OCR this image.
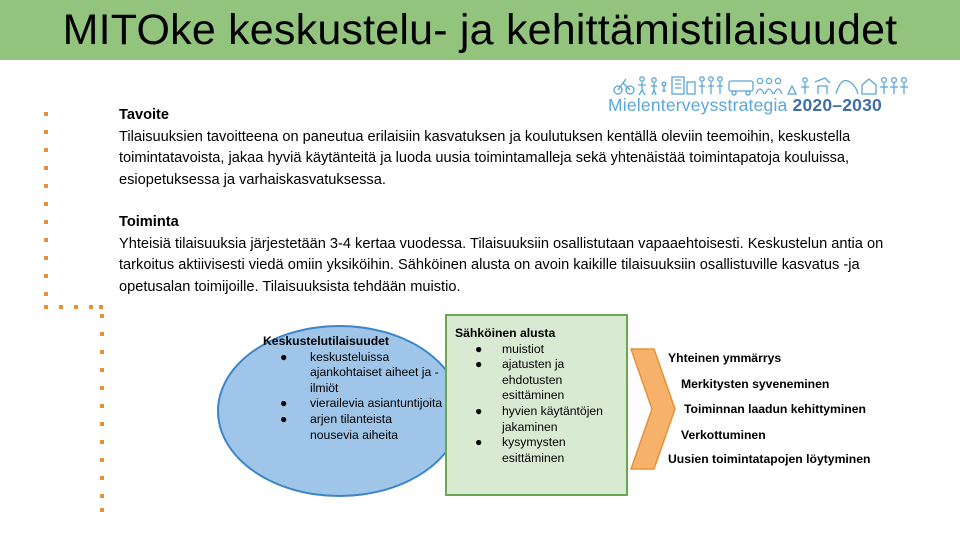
MITOke keskustelu- ja kehittämistilaisuudet
Mielenterveysstrategia 2020–2030
Tavoite
Tilaisuuksien tavoitteena on paneutua erilaisiin kasvatuksen ja koulutuksen kentällä oleviin teemoihin, keskustella toimintatavoista, jakaa hyviä käytänteitä ja luoda uusia toimintamalleja sekä yhtenäistää toimintapatoja kouluissa, esiopetuksessa ja varhaiskasvatuksessa.
Toiminta
Yhteisiä tilaisuuksia järjestetään 3-4 kertaa vuodessa. Tilaisuuksiin osallistutaan vapaaehtoisesti. Keskustelun antia on tarkoitus aktiivisesti viedä omiin yksiköihin. Sähköinen alusta on avoin kaikille tilaisuuksiin osallistuville kasvatus -ja opetusalan toimijoille. Tilaisuuksista tehdään muistio.
Keskustelutilaisuudet
● keskusteluissa ajankohtaiset aiheet ja -ilmiöt
● vierailevia asiantuntijoita
● arjen tilanteista nousevia aiheita
Sähköinen alusta
● muistiot
● ajatusten ja ehdotusten esittäminen
● hyvien käytäntöjen jakaminen
● kysymysten esittäminen
Yhteinen ymmärrys
Merkitysten syveneminen
Toiminnan laadun kehittyminen
Verkottuminen
Uusien toimintatapojen löytyminen
